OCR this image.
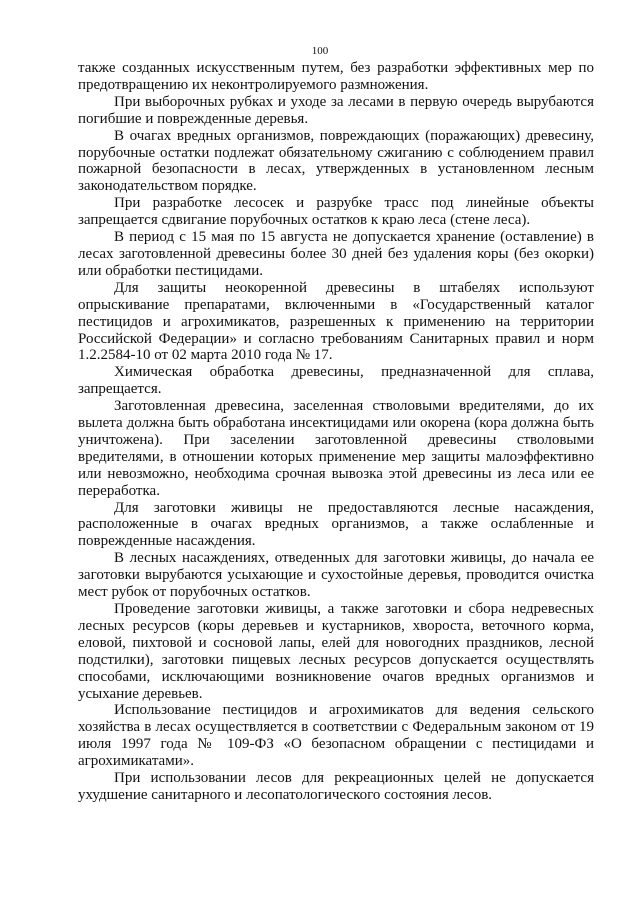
100

также созданных искусственным путем, без разработки эффективных мер по предотвращению их неконтролируемого размножения.

При выборочных рубках и уходе за лесами в первую очередь вырубаются погибшие и поврежденные деревья.

В очагах вредных организмов, повреждающих (поражающих) древесину, порубочные остатки подлежат обязательному сжиганию с соблюдением правил пожарной безопасности в лесах, утвержденных в установленном лесным законодательством порядке.

При разработке лесосек и разрубке трасс под линейные объекты запрещается сдвигание порубочных остатков к краю леса (стене леса).

В период с 15 мая по 15 августа не допускается хранение (оставление) в лесах заготовленной древесины более 30 дней без удаления коры (без окорки) или обработки пестицидами.

Для защиты неокоренной древесины в штабелях используют опрыскивание препаратами, включенными в «Государственный каталог пестицидов и агрохимикатов, разрешенных к применению на территории Российской Федерации» и согласно требованиям Санитарных правил и норм 1.2.2584-10 от 02 марта 2010 года № 17.

Химическая обработка древесины, предназначенной для сплава, запрещается.

Заготовленная древесина, заселенная стволовыми вредителями, до их вылета должна быть обработана инсектицидами или окорена (кора должна быть уничтожена). При заселении заготовленной древесины стволовыми вредителями, в отношении которых применение мер защиты малоэффективно или невозможно, необходима срочная вывозка этой древесины из леса или ее переработка.

Для заготовки живицы не предоставляются лесные насаждения, расположенные в очагах вредных организмов, а также ослабленные и поврежденные насаждения.

В лесных насаждениях, отведенных для заготовки живицы, до начала ее заготовки вырубаются усыхающие и сухостойные деревья, проводится очистка мест рубок от порубочных остатков.

Проведение заготовки живицы, а также заготовки и сбора недревесных лесных ресурсов (коры деревьев и кустарников, хвороста, веточного корма, еловой, пихтовой и сосновой лапы, елей для новогодних праздников, лесной подстилки), заготовки пищевых лесных ресурсов допускается осуществлять способами, исключающими возникновение очагов вредных организмов и усыхание деревьев.

Использование пестицидов и агрохимикатов для ведения сельского хозяйства в лесах осуществляется в соответствии с Федеральным законом от 19 июля 1997 года № 109-ФЗ «О безопасном обращении с пестицидами и агрохимикатами».

При использовании лесов для рекреационных целей не допускается ухудшение санитарного и лесопатологического состояния лесов.
